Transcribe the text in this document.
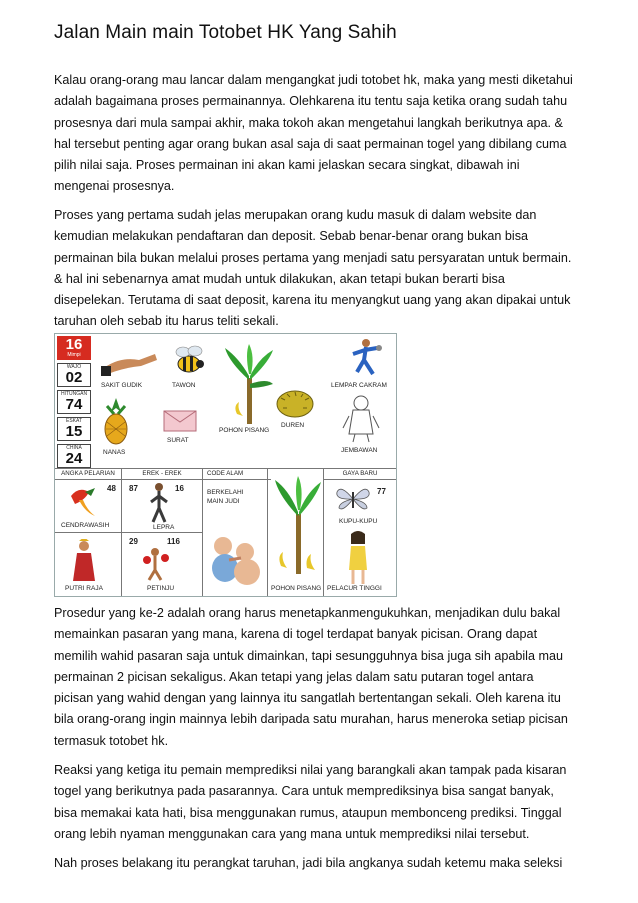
Jalan Main main Totobet HK Yang Sahih

Kalau orang-orang mau lancar dalam mengangkat judi totobet hk, maka yang mesti diketahui
adalah bagaimana proses permainannya. Olehkarena itu tentu saja ketika orang sudah tahu
prosesnya dari mula sampai akhir, maka tokoh akan mengetahui langkah berikutnya apa. &
hal tersebut penting agar orang bukan asal saja di saat permainan togel yang dibilang cuma
pilih nilai saja. Proses permainan ini akan kami jelaskan secara singkat, dibawah ini
mengenai prosesnya.

Proses yang pertama sudah jelas merupakan orang kudu masuk di dalam website dan
kemudian melakukan pendaftaran dan deposit. Sebab benar-benar orang bukan bisa
permainan bila bukan melalui proses pertama yang menjadi satu persyaratan untuk bermain.
& hal ini sebenarnya amat mudah untuk dilakukan, akan tetapi bukan berarti bisa
disepelekan. Terutama di saat deposit, karena itu menyangkut uang yang akan dipakai untuk
taruhan oleh sebab itu harus teliti sekali.

16
Mimpi
WAJO
02
HITUNGAN
74
ESKAT
15
CHINA
24
SAKIT GUDIK	TAWON	LEMPAR CAKRAM
DUREN
POHON PISANG
SURAT
NANAS	JEMBAWAN
ANGKA PELARIAN	EREK - EREK	CODE ALAM	GAYA BARU
48
CENDRAWASIH
87	16
LEPRA
PUTRI RAJA
29	116
PETINJU
BERKELAHI
MAIN JUDI
POHON PISANG
77
KUPU-KUPU
PELACUR TINGGI

Prosedur yang ke-2 adalah orang harus menetapkanmengukuhkan, menjadikan dulu bakal
memainkan pasaran yang mana, karena di togel terdapat banyak picisan. Orang dapat
memilih wahid pasaran saja untuk dimainkan, tapi sesungguhnya bisa juga sih apabila mau
permainan 2 picisan sekaligus. Akan tetapi yang jelas dalam satu putaran togel antara
picisan yang wahid dengan yang lainnya itu sangatlah bertentangan sekali. Oleh karena itu
bila orang-orang ingin mainnya lebih daripada satu murahan, harus meneroka setiap picisan
termasuk totobet hk.

Reaksi yang ketiga itu pemain memprediksi nilai yang barangkali akan tampak pada kisaran
togel yang berikutnya pada pasarannya. Cara untuk memprediksinya bisa sangat banyak,
bisa memakai kata hati, bisa menggunakan rumus, ataupun membonceng prediksi. Tinggal
orang lebih nyaman menggunakan cara yang mana untuk memprediksi nilai tersebut.

Nah proses belakang itu perangkat taruhan, jadi bila angkanya sudah ketemu maka seleksi
